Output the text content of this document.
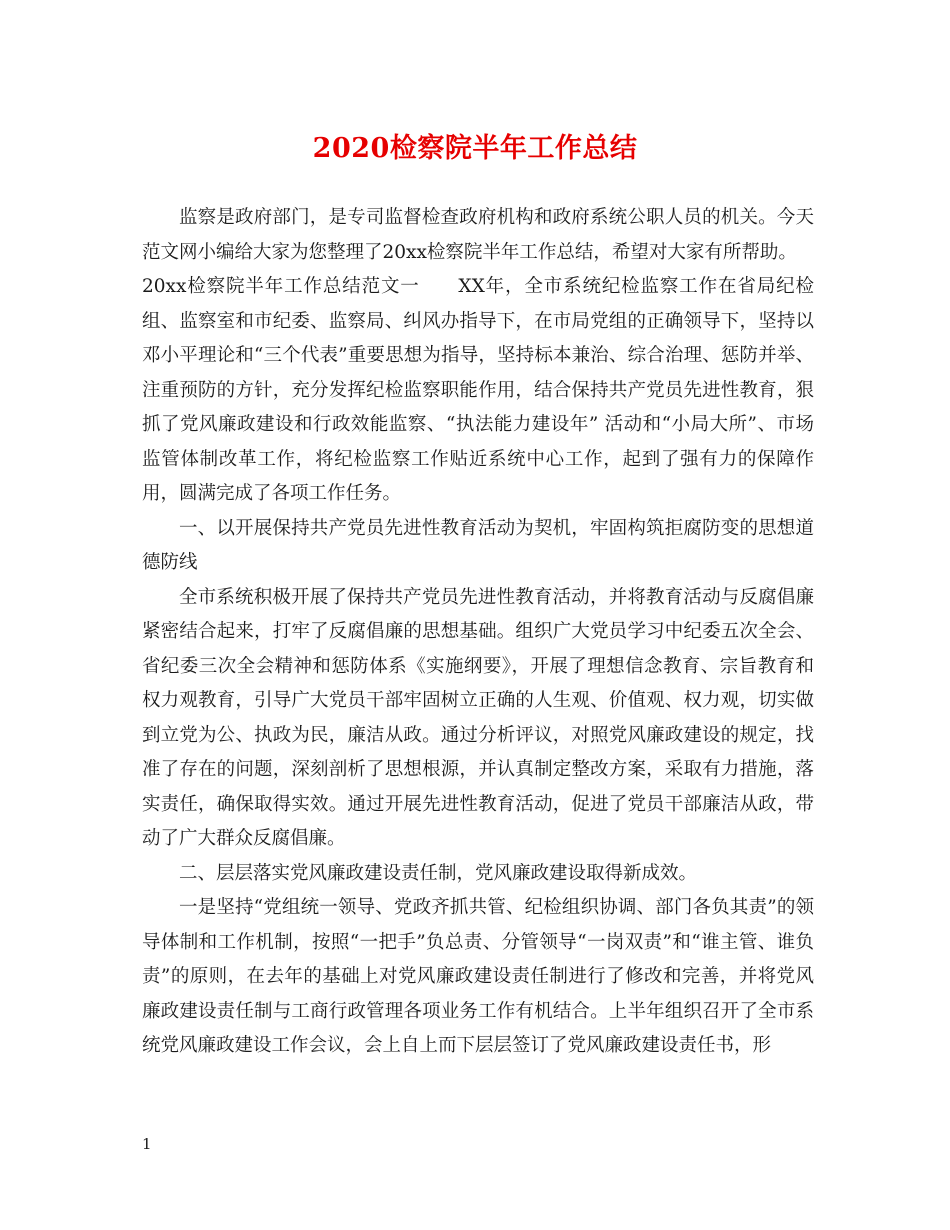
2020检察院半年工作总结

监察是政府部门，是专司监督检查政府机构和政府系统公职人员的机关。今天范文网小编给大家为您整理了20xx检察院半年工作总结，希望对大家有所帮助。

20xx检察院半年工作总结范文一　　XX年，全市系统纪检监察工作在省局纪检组、监察室和市纪委、监察局、纠风办指导下，在市局党组的正确领导下，坚持以邓小平理论和“三个代表”重要思想为指导，坚持标本兼治、综合治理、惩防并举、注重预防的方针，充分发挥纪检监察职能作用，结合保持共产党员先进性教育，狠抓了党风廉政建设和行政效能监察、“执法能力建设年” 活动和“小局大所”、市场监管体制改革工作，将纪检监察工作贴近系统中心工作，起到了强有力的保障作用，圆满完成了各项工作任务。

一、以开展保持共产党员先进性教育活动为契机，牢固构筑拒腐防变的思想道德防线

全市系统积极开展了保持共产党员先进性教育活动，并将教育活动与反腐倡廉紧密结合起来，打牢了反腐倡廉的思想基础。组织广大党员学习中纪委五次全会、省纪委三次全会精神和惩防体系《实施纲要》，开展了理想信念教育、宗旨教育和权力观教育，引导广大党员干部牢固树立正确的人生观、价值观、权力观，切实做到立党为公、执政为民，廉洁从政。通过分析评议，对照党风廉政建设的规定，找准了存在的问题，深刻剖析了思想根源，并认真制定整改方案，采取有力措施，落实责任，确保取得实效。通过开展先进性教育活动，促进了党员干部廉洁从政，带动了广大群众反腐倡廉。

二、层层落实党风廉政建设责任制，党风廉政建设取得新成效。

一是坚持“党组统一领导、党政齐抓共管、纪检组织协调、部门各负其责”的领导体制和工作机制，按照“一把手”负总责、分管领导“一岗双责”和“谁主管、谁负责”的原则，在去年的基础上对党风廉政建设责任制进行了修改和完善，并将党风廉政建设责任制与工商行政管理各项业务工作有机结合。上半年组织召开了全市系统党风廉政建设工作会议，会上自上而下层层签订了党风廉政建设责任书，形

1
